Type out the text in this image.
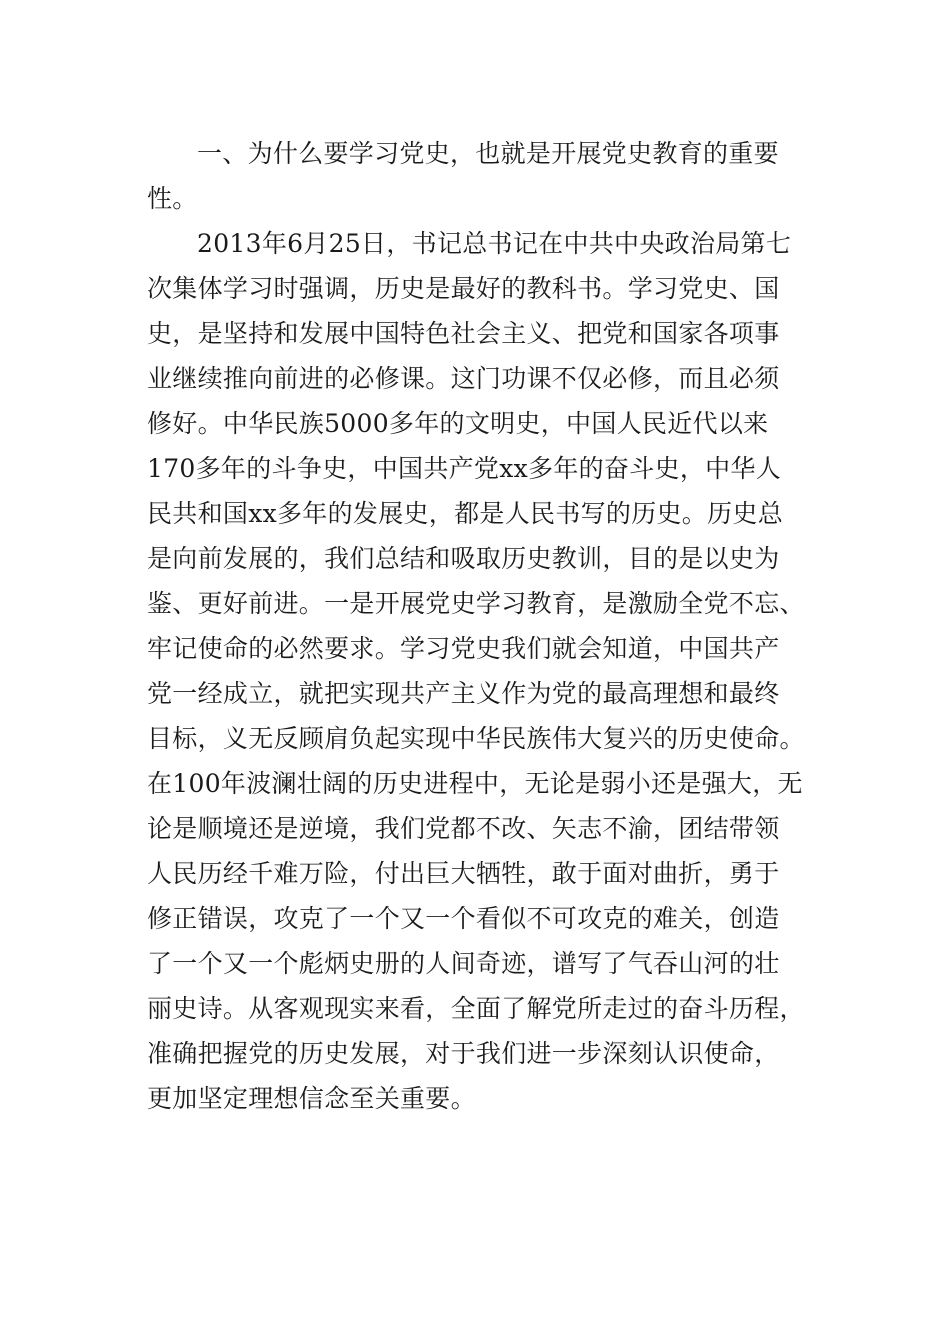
一、为什么要学习党史，也就是开展党史教育的重要
性。
2013年6月25日，书记总书记在中共中央政治局第七
次集体学习时强调，历史是最好的教科书。学习党史、国
史，是坚持和发展中国特色社会主义、把党和国家各项事
业继续推向前进的必修课。这门功课不仅必修，而且必须
修好。中华民族5000多年的文明史，中国人民近代以来
170多年的斗争史，中国共产党xx多年的奋斗史，中华人
民共和国xx多年的发展史，都是人民书写的历史。历史总
是向前发展的，我们总结和吸取历史教训，目的是以史为
鉴、更好前进。一是开展党史学习教育，是激励全党不忘、
牢记使命的必然要求。学习党史我们就会知道，中国共产
党一经成立，就把实现共产主义作为党的最高理想和最终
目标，义无反顾肩负起实现中华民族伟大复兴的历史使命。
在100年波澜壮阔的历史进程中，无论是弱小还是强大，无
论是顺境还是逆境，我们党都不改、矢志不渝，团结带领
人民历经千难万险，付出巨大牺牲，敢于面对曲折，勇于
修正错误，攻克了一个又一个看似不可攻克的难关，创造
了一个又一个彪炳史册的人间奇迹，谱写了气吞山河的壮
丽史诗。从客观现实来看，全面了解党所走过的奋斗历程，
准确把握党的历史发展，对于我们进一步深刻认识使命，
更加坚定理想信念至关重要。
